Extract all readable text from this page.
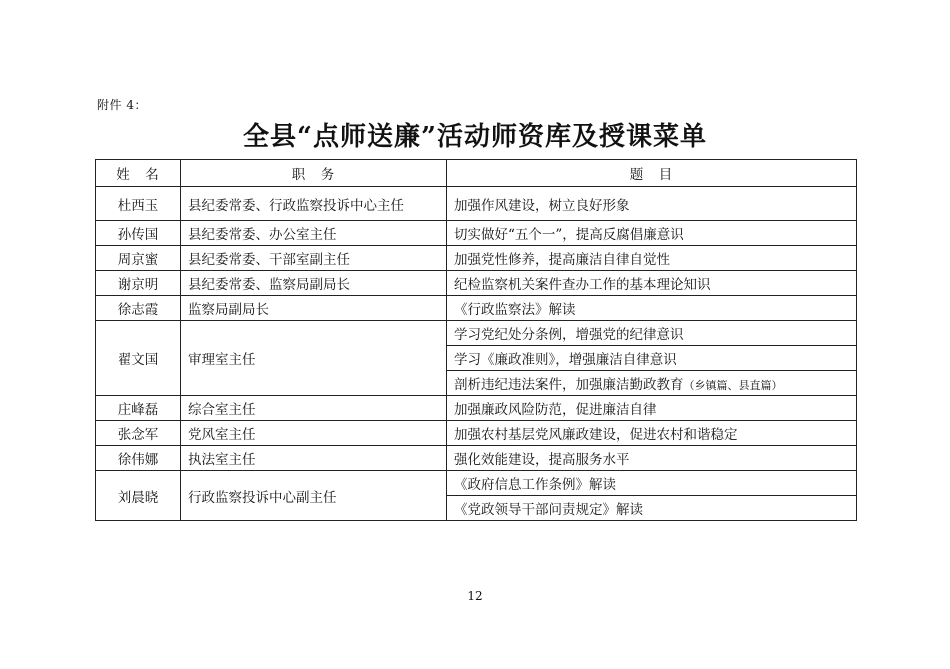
附件 4：
全县“点师送廉”活动师资库及授课菜单
姓　名	职　务	题　目
杜西玉	县纪委常委、行政监察投诉中心主任	加强作风建设，树立良好形象
孙传国	县纪委常委、办公室主任	切实做好“五个一”，提高反腐倡廉意识
周京蜜	县纪委常委、干部室副主任	加强党性修养，提高廉洁自律自觉性
谢京明	县纪委常委、监察局副局长	纪检监察机关案件查办工作的基本理论知识
徐志霞	监察局副局长	《行政监察法》解读
翟文国	审理室主任	学习党纪处分条例，增强党的纪律意识
		学习《廉政准则》，增强廉洁自律意识
		剖析违纪违法案件，加强廉洁勤政教育（乡镇篇、县直篇）
庄峰磊	综合室主任	加强廉政风险防范，促进廉洁自律
张念军	党风室主任	加强农村基层党风廉政建设，促进农村和谐稳定
徐伟娜	执法室主任	强化效能建设，提高服务水平
刘晨晓	行政监察投诉中心副主任	《政府信息工作条例》解读
		《党政领导干部问责规定》解读
12
